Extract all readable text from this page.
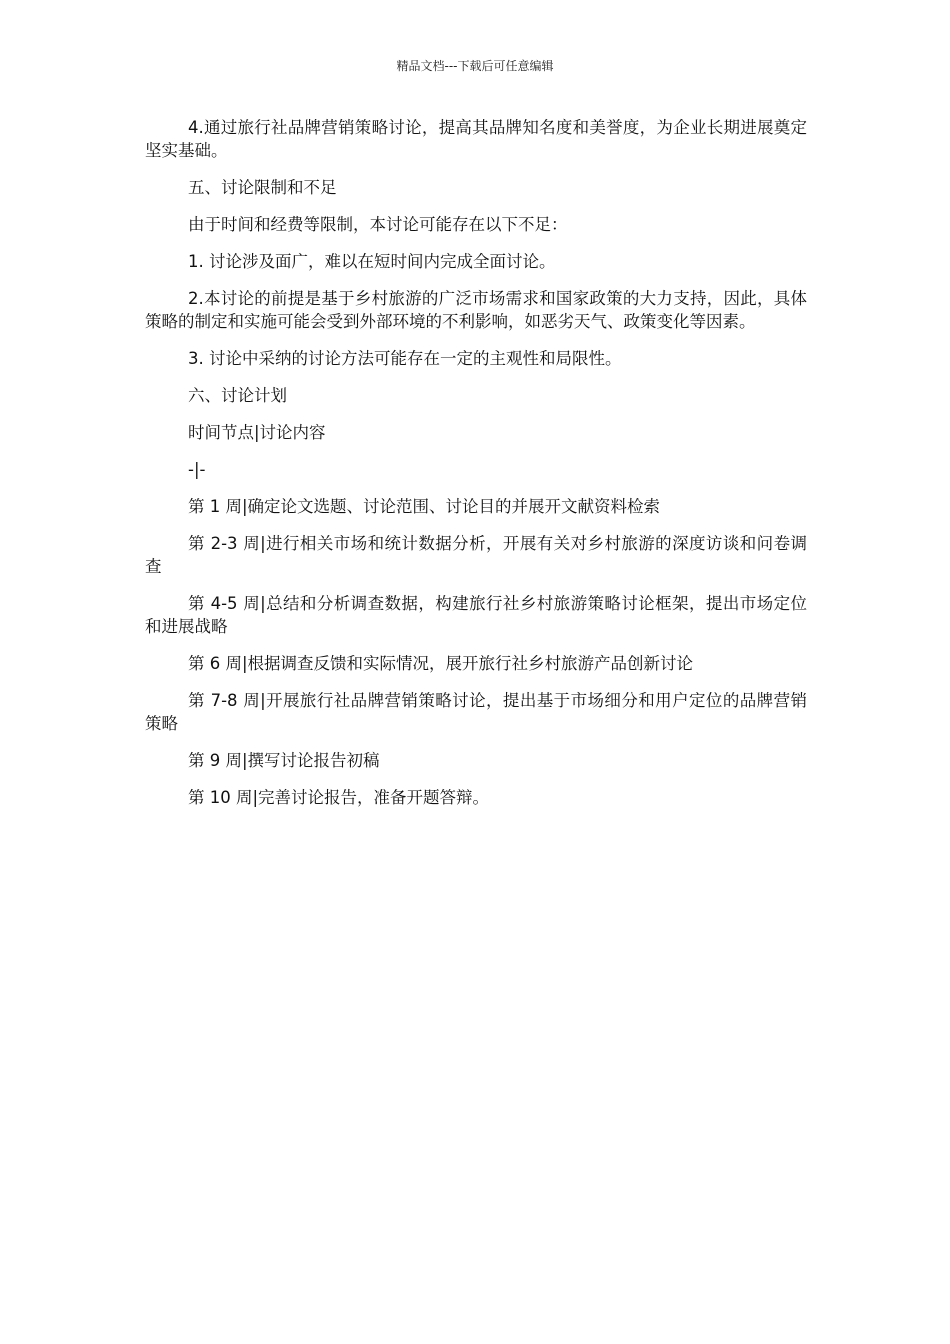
精品文档---下载后可任意编辑

4.通过旅行社品牌营销策略讨论，提高其品牌知名度和美誉度，为企业长期进展奠定坚实基础。

五、讨论限制和不足

由于时间和经费等限制，本讨论可能存在以下不足：

1. 讨论涉及面广，难以在短时间内完成全面讨论。

2.本讨论的前提是基于乡村旅游的广泛市场需求和国家政策的大力支持，因此，具体策略的制定和实施可能会受到外部环境的不利影响，如恶劣天气、政策变化等因素。

3. 讨论中采纳的讨论方法可能存在一定的主观性和局限性。

六、讨论计划

时间节点|讨论内容

-|-

第 1 周|确定论文选题、讨论范围、讨论目的并展开文献资料检索

第 2-3 周|进行相关市场和统计数据分析，开展有关对乡村旅游的深度访谈和问卷调查

第 4-5 周|总结和分析调查数据，构建旅行社乡村旅游策略讨论框架，提出市场定位和进展战略

第 6 周|根据调查反馈和实际情况，展开旅行社乡村旅游产品创新讨论

第 7-8 周|开展旅行社品牌营销策略讨论，提出基于市场细分和用户定位的品牌营销策略

第 9 周|撰写讨论报告初稿

第 10 周|完善讨论报告，准备开题答辩。
